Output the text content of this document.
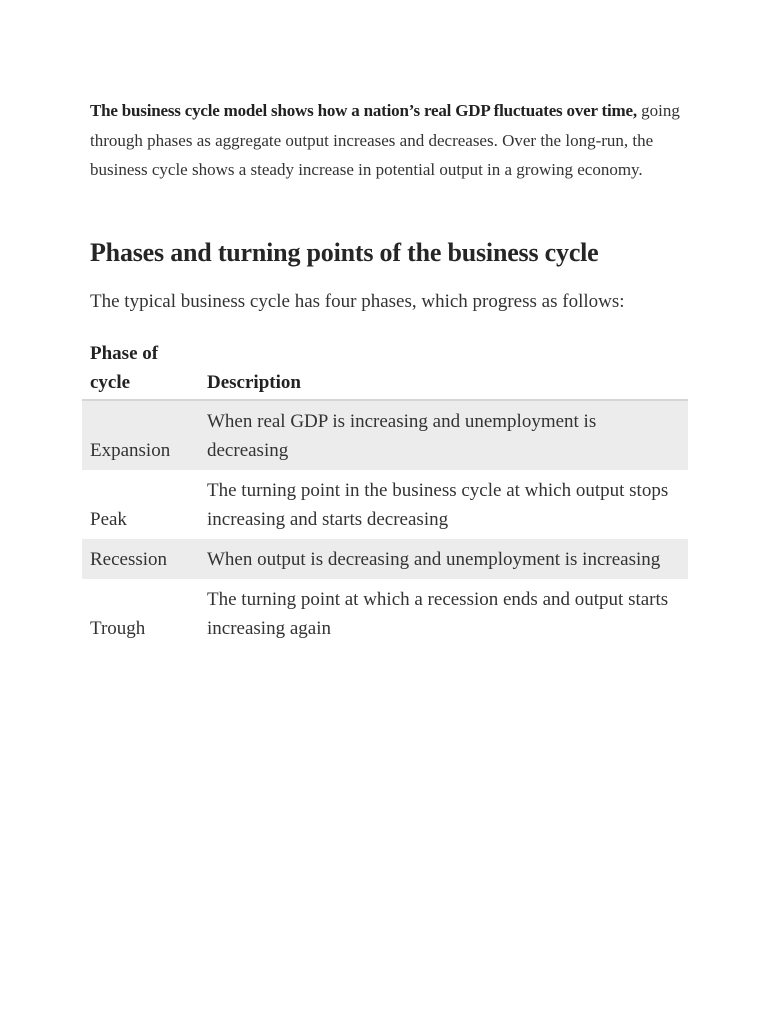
The business cycle model shows how a nation’s real GDP fluctuates over time, going through phases as aggregate output increases and decreases. Over the long-run, the business cycle shows a steady increase in potential output in a growing economy.

Phases and turning points of the business cycle

The typical business cycle has four phases, which progress as follows:

Phase of cycle	Description
Expansion	When real GDP is increasing and unemployment is decreasing
Peak	The turning point in the business cycle at which output stops increasing and starts decreasing
Recession	When output is decreasing and unemployment is increasing
Trough	The turning point at which a recession ends and output starts increasing again
